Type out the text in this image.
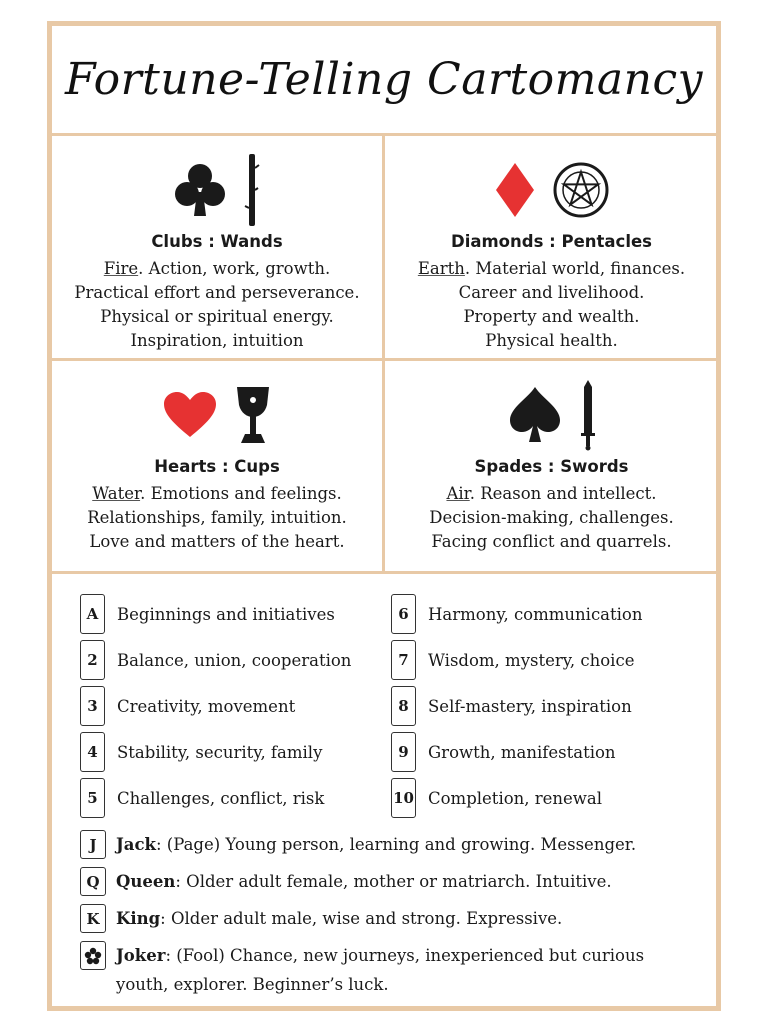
Fortune-Telling Cartomancy
Clubs : Wands
Fire. Action, work, growth.
Practical effort and perseverance.
Physical or spiritual energy.
Inspiration, intuition
Diamonds : Pentacles
Earth. Material world, finances.
Career and livelihood.
Property and wealth.
Physical health.
Hearts : Cups
Water. Emotions and feelings.
Relationships, family, intuition.
Love and matters of the heart.
Spades : Swords
Air. Reason and intellect.
Decision-making, challenges.
Facing conflict and quarrels.
A	Beginnings and initiatives
2	Balance, union, cooperation
3	Creativity, movement
4	Stability, security, family
5	Challenges, conflict, risk
6	Harmony, communication
7	Wisdom, mystery, choice
8	Self-mastery, inspiration
9	Growth, manifestation
10 Completion, renewal
J	Jack: (Page) Young person, learning and growing. Messenger.
Q Queen: Older adult female, mother or matriarch. Intuitive.
K King: Older adult male, wise and strong. Expressive.
Joker: (Fool) Chance, new journeys, inexperienced but curious youth, explorer. Beginner’s luck.
